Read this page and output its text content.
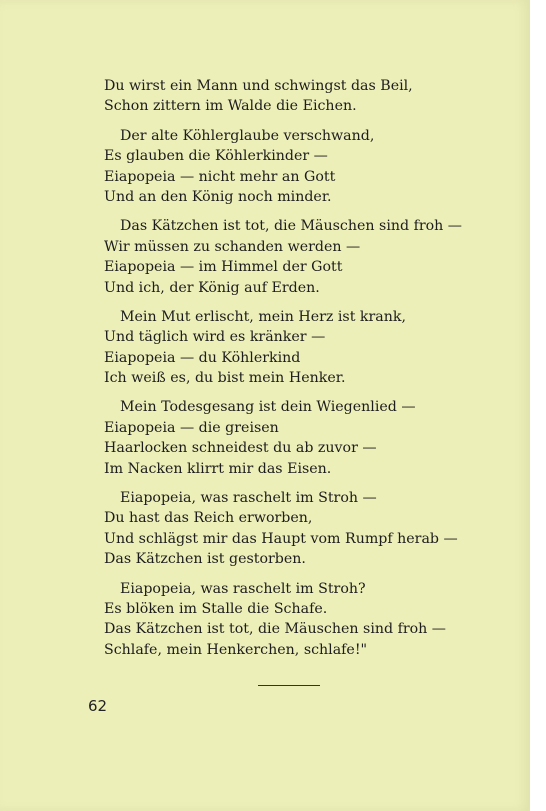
Du wirst ein Mann und schwingst das Beil,
Schon zittern im Walde die Eichen.
Der alte Köhlerglaube verschwand,
Es glauben die Köhlerkinder —
Eiapopeia — nicht mehr an Gott
Und an den König noch minder.
Das Kätzchen ist tot, die Mäuschen sind froh —
Wir müssen zu schanden werden —
Eiapopeia — im Himmel der Gott
Und ich, der König auf Erden.
Mein Mut erlischt, mein Herz ist krank,
Und täglich wird es kränker —
Eiapopeia — du Köhlerkind
Ich weiß es, du bist mein Henker.
Mein Todesgesang ist dein Wiegenlied —
Eiapopeia — die greisen
Haarlocken schneidest du ab zuvor —
Im Nacken klirrt mir das Eisen.
Eiapopeia, was raschelt im Stroh —
Du hast das Reich erworben,
Und schlägst mir das Haupt vom Rumpf herab —
Das Kätzchen ist gestorben.
Eiapopeia, was raschelt im Stroh?
Es blöken im Stalle die Schafe.
Das Kätzchen ist tot, die Mäuschen sind froh —
Schlafe, mein Henkerchen, schlafe!"
62
